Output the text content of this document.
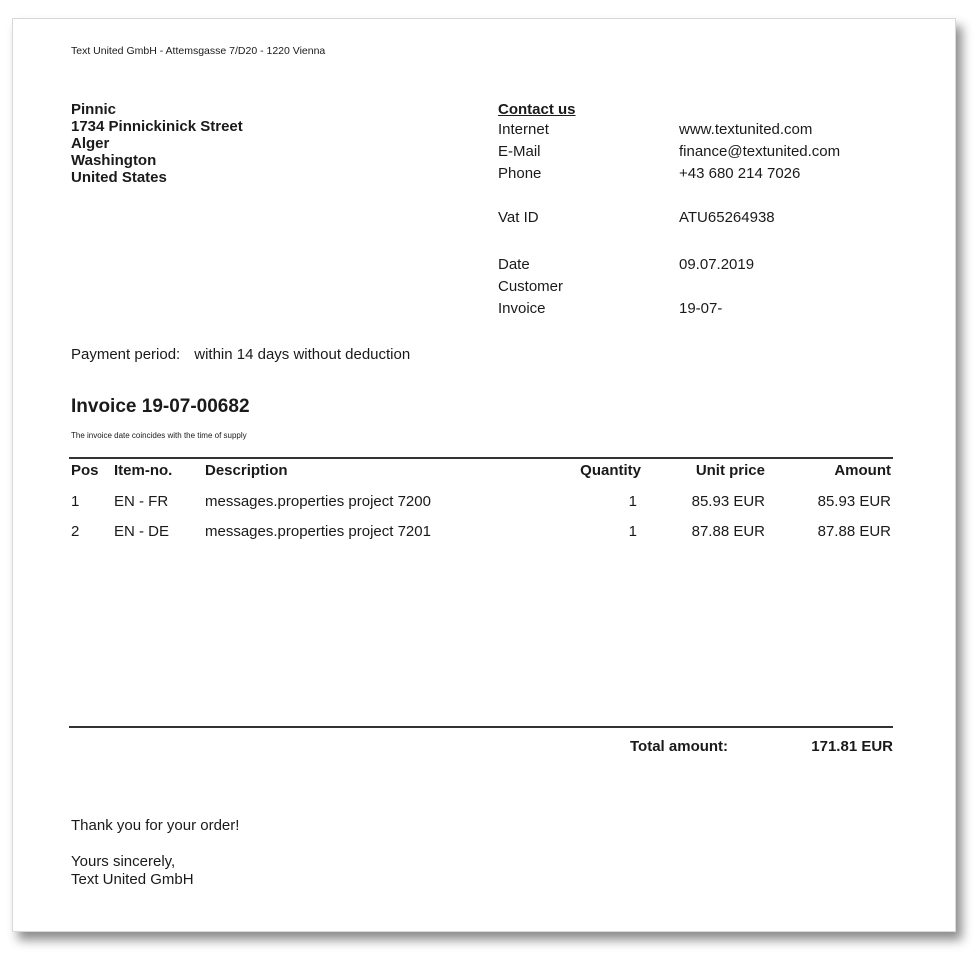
Text United GmbH - Attemsgasse 7/D20 - 1220 Vienna
Pinnic
1734 Pinnickinick Street
Alger
Washington
United States
Contact us
Internet	www.textunited.com
E-Mail	finance@textunited.com
Phone	+43 680 214 7026
Vat ID	ATU65264938
Date	09.07.2019
Customer
Invoice	19-07-
Payment period: within 14 days without deduction
Invoice 19-07-00682
The invoice date coincides with the time of supply
Pos Item-no. Description	Quantity	Unit price	Amount
1 EN - FR messages.properties project 7200	1	85.93 EUR	85.93 EUR
2 EN - DE messages.properties project 7201	1	87.88 EUR	87.88 EUR
Total amount:	171.81 EUR
Thank you for your order!
Yours sincerely,
Text United GmbH
